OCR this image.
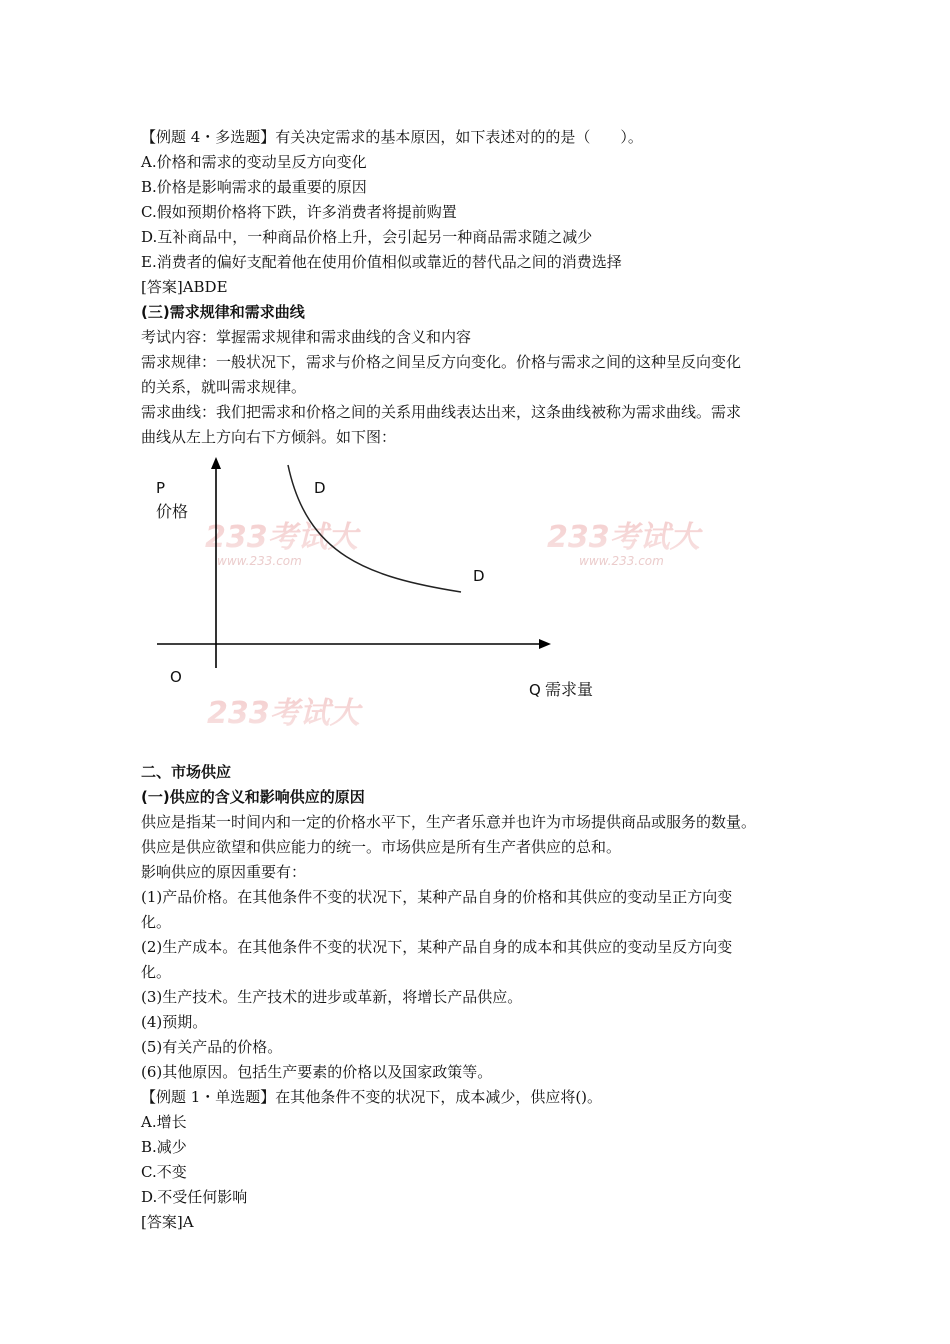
【例题 4・多选题】有关决定需求的基本原因，如下表述对的的是（　　）。
A.价格和需求的变动呈反方向变化
B.价格是影响需求的最重要的原因
C.假如预期价格将下跌，许多消费者将提前购置
D.互补商品中，一种商品价格上升，会引起另一种商品需求随之减少
E.消费者的偏好支配着他在使用价值相似或靠近的替代品之间的消费选择
[答案]ABDE
(三)需求规律和需求曲线
考试内容：掌握需求规律和需求曲线的含义和内容
需求规律：一般状况下，需求与价格之间呈反方向变化。价格与需求之间的这种呈反向变化
的关系，就叫需求规律。
需求曲线：我们把需求和价格之间的关系用曲线表达出来，这条曲线被称为需求曲线。需求
曲线从左上方向右下方倾斜。如下图：
233考试大
www.233.com
233考试大
www.233.com
233考试大
P
价格
D
D
O
Q 需求量
二、市场供应
(一)供应的含义和影响供应的原因
供应是指某一时间内和一定的价格水平下，生产者乐意并也许为市场提供商品或服务的数量。
供应是供应欲望和供应能力的统一。市场供应是所有生产者供应的总和。
影响供应的原因重要有：
(1)产品价格。在其他条件不变的状况下，某种产品自身的价格和其供应的变动呈正方向变
化。
(2)生产成本。在其他条件不变的状况下，某种产品自身的成本和其供应的变动呈反方向变
化。
(3)生产技术。生产技术的进步或革新，将增长产品供应。
(4)预期。
(5)有关产品的价格。
(6)其他原因。包括生产要素的价格以及国家政策等。
【例题 1・单选题】在其他条件不变的状况下，成本减少，供应将()。
A.增长
B.减少
C.不变
D.不受任何影响
[答案]A
